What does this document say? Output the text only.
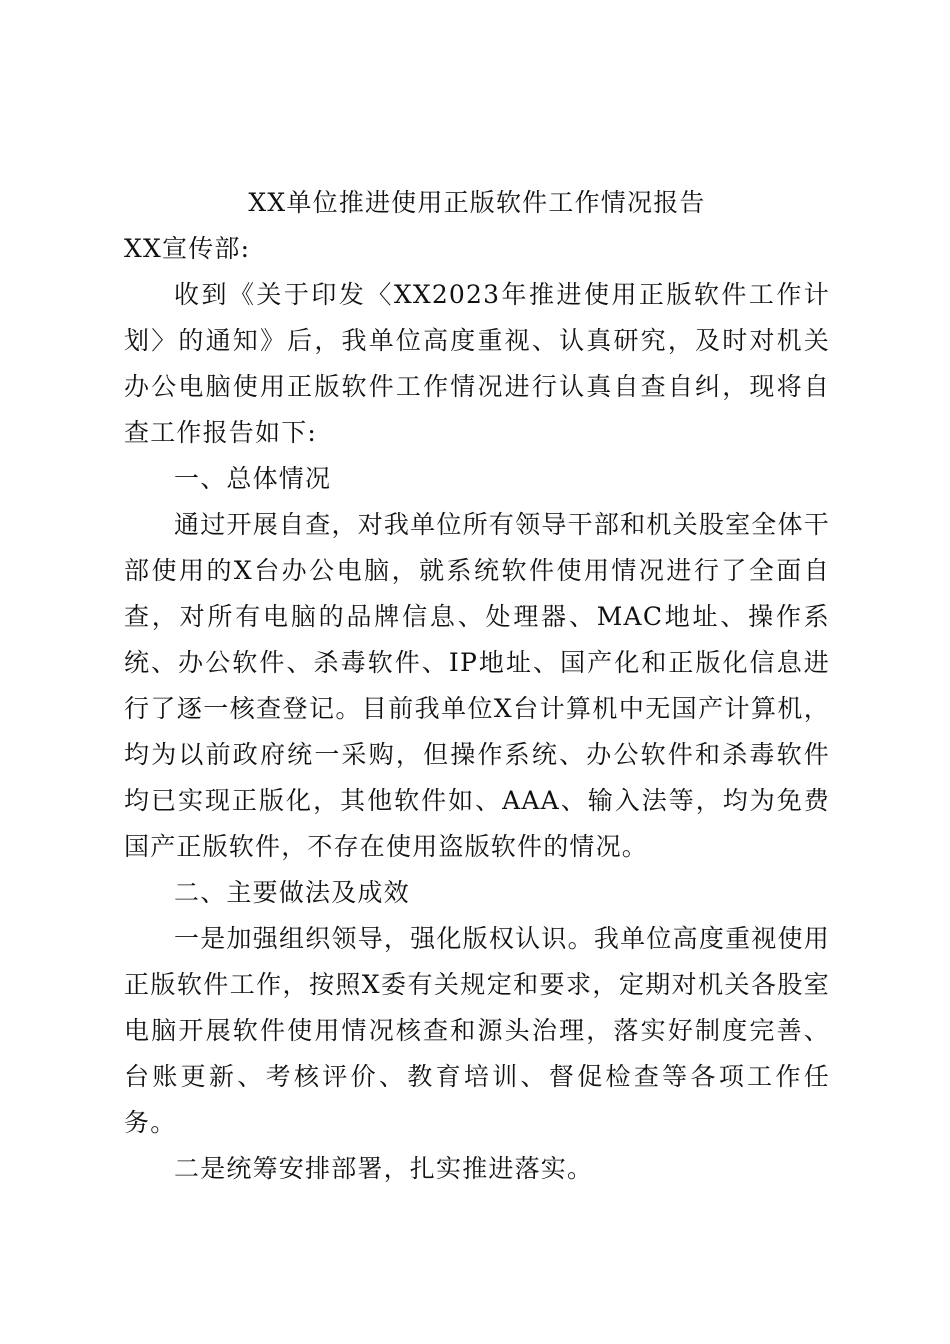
XX单位推进使用正版软件工作情况报告

XX宣传部:

收到《关于印发〈XX2023年推进使用正版软件工作计划〉的通知》后，我单位高度重视、认真研究，及时对机关办公电脑使用正版软件工作情况进行认真自查自纠，现将自查工作报告如下:

一、总体情况

通过开展自查，对我单位所有领导干部和机关股室全体干部使用的X台办公电脑，就系统软件使用情况进行了全面自查，对所有电脑的品牌信息、处理器、MAC地址、操作系统、办公软件、杀毒软件、IP地址、国产化和正版化信息进行了逐一核查登记。目前我单位X台计算机中无国产计算机，均为以前政府统一采购，但操作系统、办公软件和杀毒软件均已实现正版化，其他软件如、AAA、输入法等，均为免费国产正版软件，不存在使用盗版软件的情况。

二、主要做法及成效

一是加强组织领导，强化版权认识。我单位高度重视使用正版软件工作，按照X委有关规定和要求，定期对机关各股室电脑开展软件使用情况核查和源头治理，落实好制度完善、台账更新、考核评价、教育培训、督促检查等各项工作任务。

二是统筹安排部署，扎实推进落实。
